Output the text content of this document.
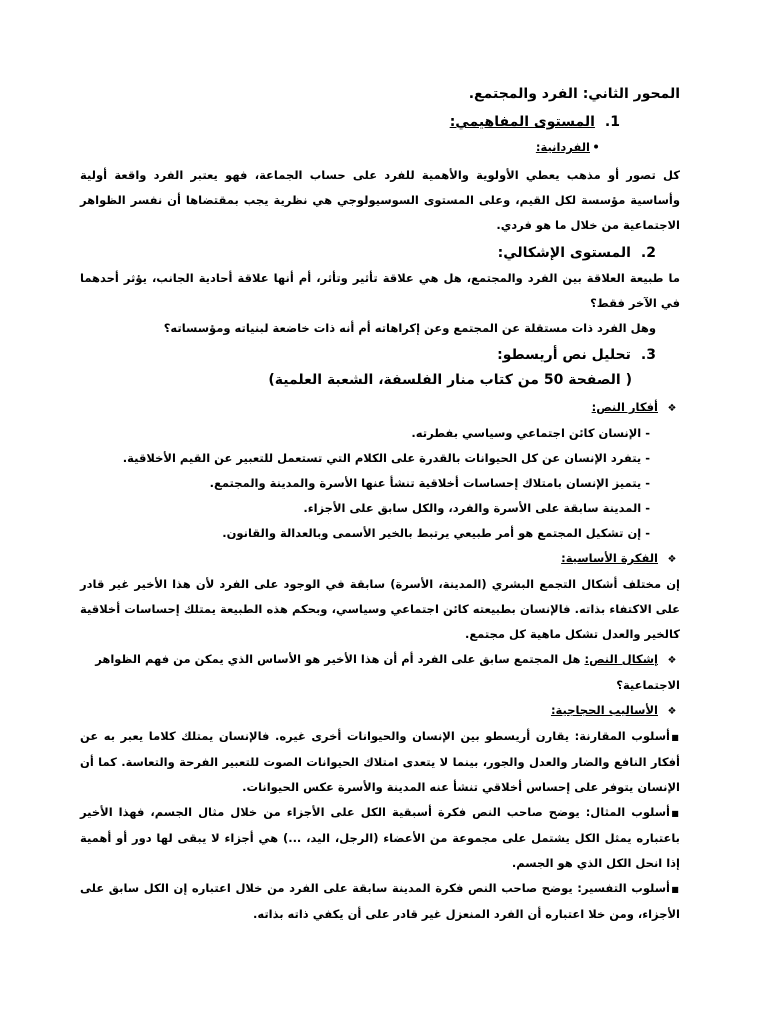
المحور الثاني: الفرد والمجتمع.
1.المستوى المفاهيمي:
•الفردانية:
كل تصور أو مذهب يعطي الأولوية والأهمية للفرد على حساب الجماعة، فهو يعتبر الفرد واقعة أولية وأساسية مؤسسة لكل القيم، وعلى المستوى السوسيولوجي هي نظرية يجب بمقتضاها أن نفسر الظواهر الاجتماعية من خلال ما هو فردي.
2.المستوى الإشكالي:
ما طبيعة العلاقة بين الفرد والمجتمع، هل هي علاقة تأثير وتأثر، أم أنها علاقة أحادية الجانب، يؤثر أحدهما في الآخر فقط؟
وهل الفرد ذات مستقلة عن المجتمع وعن إكراهاته أم أنه ذات خاضعة لبنياته ومؤسساته؟
3.تحليل نص أريسطو:
( الصفحة 50 من كتاب منار الفلسفة، الشعبة العلمية)
❖أفكار النص:
- الإنسان كائن اجتماعي وسياسي بفطرته.
- يتفرد الإنسان عن كل الحيوانات بالقدرة على الكلام التي تستعمل للتعبير عن القيم الأخلاقية.
- يتميز الإنسان بامتلاك إحساسات أخلاقية تنشأ عنها الأسرة والمدينة والمجتمع.
- المدينة سابقة على الأسرة والفرد، والكل سابق على الأجزاء.
- إن تشكيل المجتمع هو أمر طبيعي يرتبط بالخير الأسمى وبالعدالة والقانون.
❖الفكرة الأساسية:
إن مختلف أشكال التجمع البشري (المدينة، الأسرة) سابقة في الوجود على الفرد لأن هذا الأخير غير قادر على الاكتفاء بذاته. فالإنسان بطبيعته كائن اجتماعي وسياسي، وبحكم هذه الطبيعة يمتلك إحساسات أخلاقية كالخير والعدل تشكل ماهية كل مجتمع.
❖إشكال النص: هل المجتمع سابق على الفرد أم أن هذا الأخير هو الأساس الذي يمكن من فهم الظواهر الاجتماعية؟
❖الأساليب الحجاجية:
■أسلوب المقارنة: يقارن أريسطو بين الإنسان والحيوانات أخرى غيره. فالإنسان يمتلك كلاما يعبر به عن أفكار النافع والضار والعدل والجور، بينما لا يتعدى امتلاك الحيوانات الصوت للتعبير الفرحة والتعاسة. كما أن الإنسان يتوفر على إحساس أخلاقي تنشأ عنه المدينة والأسرة عكس الحيوانات.
■أسلوب المثال: يوضح صاحب النص فكرة أسبقية الكل على الأجزاء من خلال مثال الجسم، فهذا الأخير باعتباره يمثل الكل يشتمل على مجموعة من الأعضاء (الرجل، اليد، ...) هي أجزاء لا يبقى لها دور أو أهمية إذا انحل الكل الذي هو الجسم.
■أسلوب التفسير: يوضح صاحب النص فكرة المدينة سابقة على الفرد من خلال اعتباره إن الكل سابق على الأجزاء، ومن خلا اعتباره أن الفرد المنعزل غير قادر على أن يكفي ذاته بذاته.
